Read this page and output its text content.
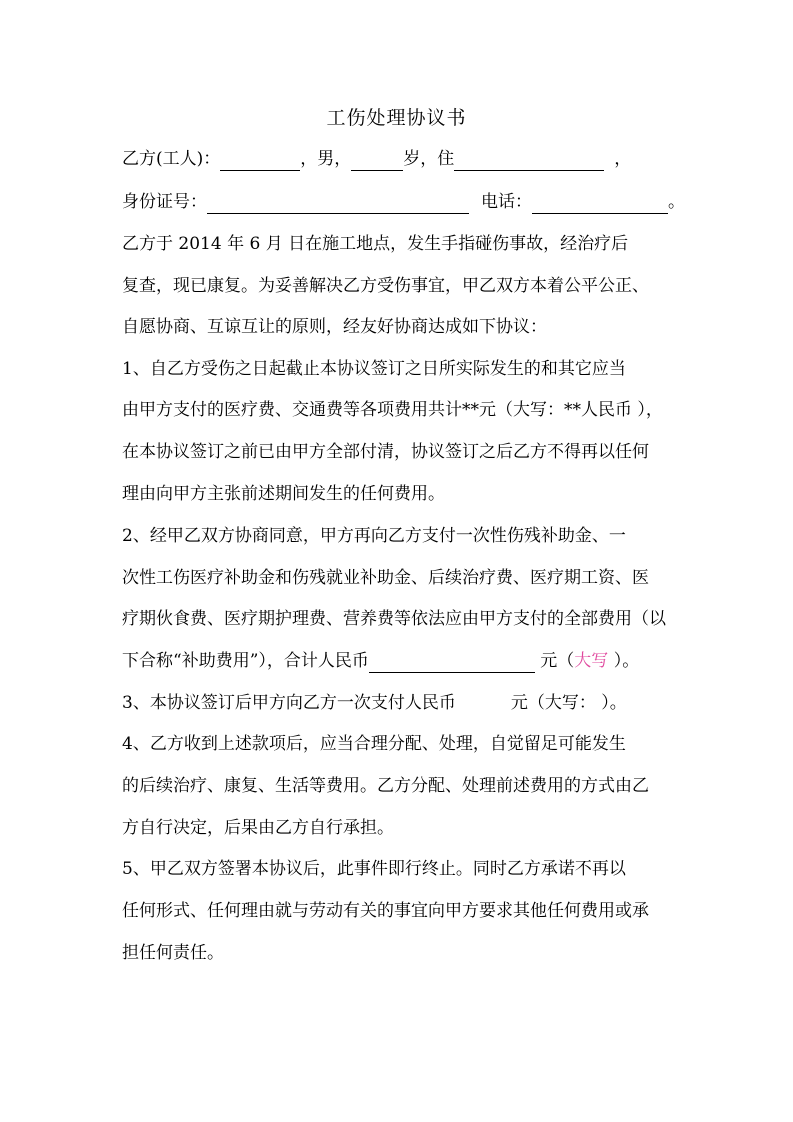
工伤处理协议书
乙方(工人)：	，男，	岁，住	，
身份证号：	电话：	。
乙方于 2014 年 6 月 日在施工地点，发生手指碰伤事故，经治疗后
复查，现已康复。为妥善解决乙方受伤事宜，甲乙双方本着公平公正、
自愿协商、互谅互让的原则，经友好协商达成如下协议：
1、自乙方受伤之日起截止本协议签订之日所实际发生的和其它应当
由甲方支付的医疗费、交通费等各项费用共计**元（大写：**人民币 ），
在本协议签订之前已由甲方全部付清，协议签订之后乙方不得再以任何
理由向甲方主张前述期间发生的任何费用。
2、经甲乙双方协商同意，甲方再向乙方支付一次性伤残补助金、一
次性工伤医疗补助金和伤残就业补助金、后续治疗费、医疗期工资、医
疗期伙食费、医疗期护理费、营养费等依法应由甲方支付的全部费用（以
下合称“补助费用”），合计人民币	元（大写 ）。
3、本协议签订后甲方向乙方一次支付人民币	元（大写： ）。
4、乙方收到上述款项后，应当合理分配、处理，自觉留足可能发生
的后续治疗、康复、生活等费用。乙方分配、处理前述费用的方式由乙
方自行决定，后果由乙方自行承担。
5、甲乙双方签署本协议后，此事件即行终止。同时乙方承诺不再以
任何形式、任何理由就与劳动有关的事宜向甲方要求其他任何费用或承
担任何责任。
